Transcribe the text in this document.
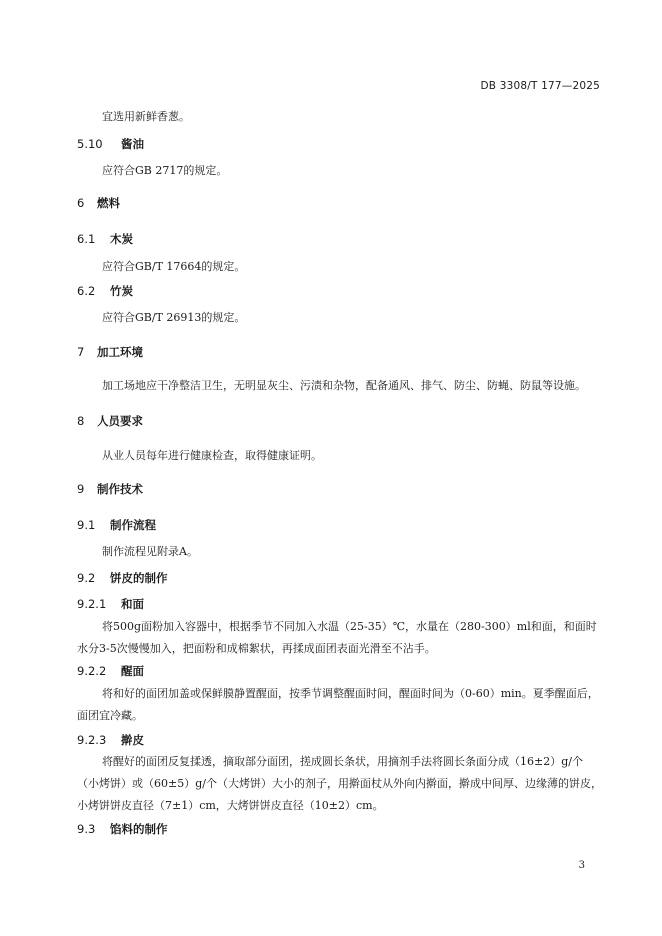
DB 3308/T 177—2025
宜选用新鲜香葱。
5.10 酱油
应符合GB 2717的规定。
6 燃料
6.1 木炭
应符合GB/T 17664的规定。
6.2 竹炭
应符合GB/T 26913的规定。
7 加工环境
加工场地应干净整洁卫生，无明显灰尘、污渍和杂物，配备通风、排气、防尘、防蝇、防鼠等设施。
8 人员要求
从业人员每年进行健康检查，取得健康证明。
9 制作技术
9.1 制作流程
制作流程见附录A。
9.2 饼皮的制作
9.2.1 和面
将500g面粉加入容器中，根据季节不同加入水温（25-35）℃，水量在（280-300）ml和面，和面时水分3-5次慢慢加入，把面粉和成棉絮状，再揉成面团表面光滑至不沾手。
9.2.2 醒面
将和好的面团加盖或保鲜膜静置醒面，按季节调整醒面时间，醒面时间为（0-60）min。夏季醒面后，面团宜冷藏。
9.2.3 擀皮
将醒好的面团反复揉透，摘取部分面团，搓成圆长条状，用摘剂手法将圆长条面分成（16±2）g/个（小烤饼）或（60±5）g/个（大烤饼）大小的剂子，用擀面杖从外向内擀面，擀成中间厚、边缘薄的饼皮，小烤饼饼皮直径（7±1）cm，大烤饼饼皮直径（10±2）cm。
9.3 馅料的制作
3
